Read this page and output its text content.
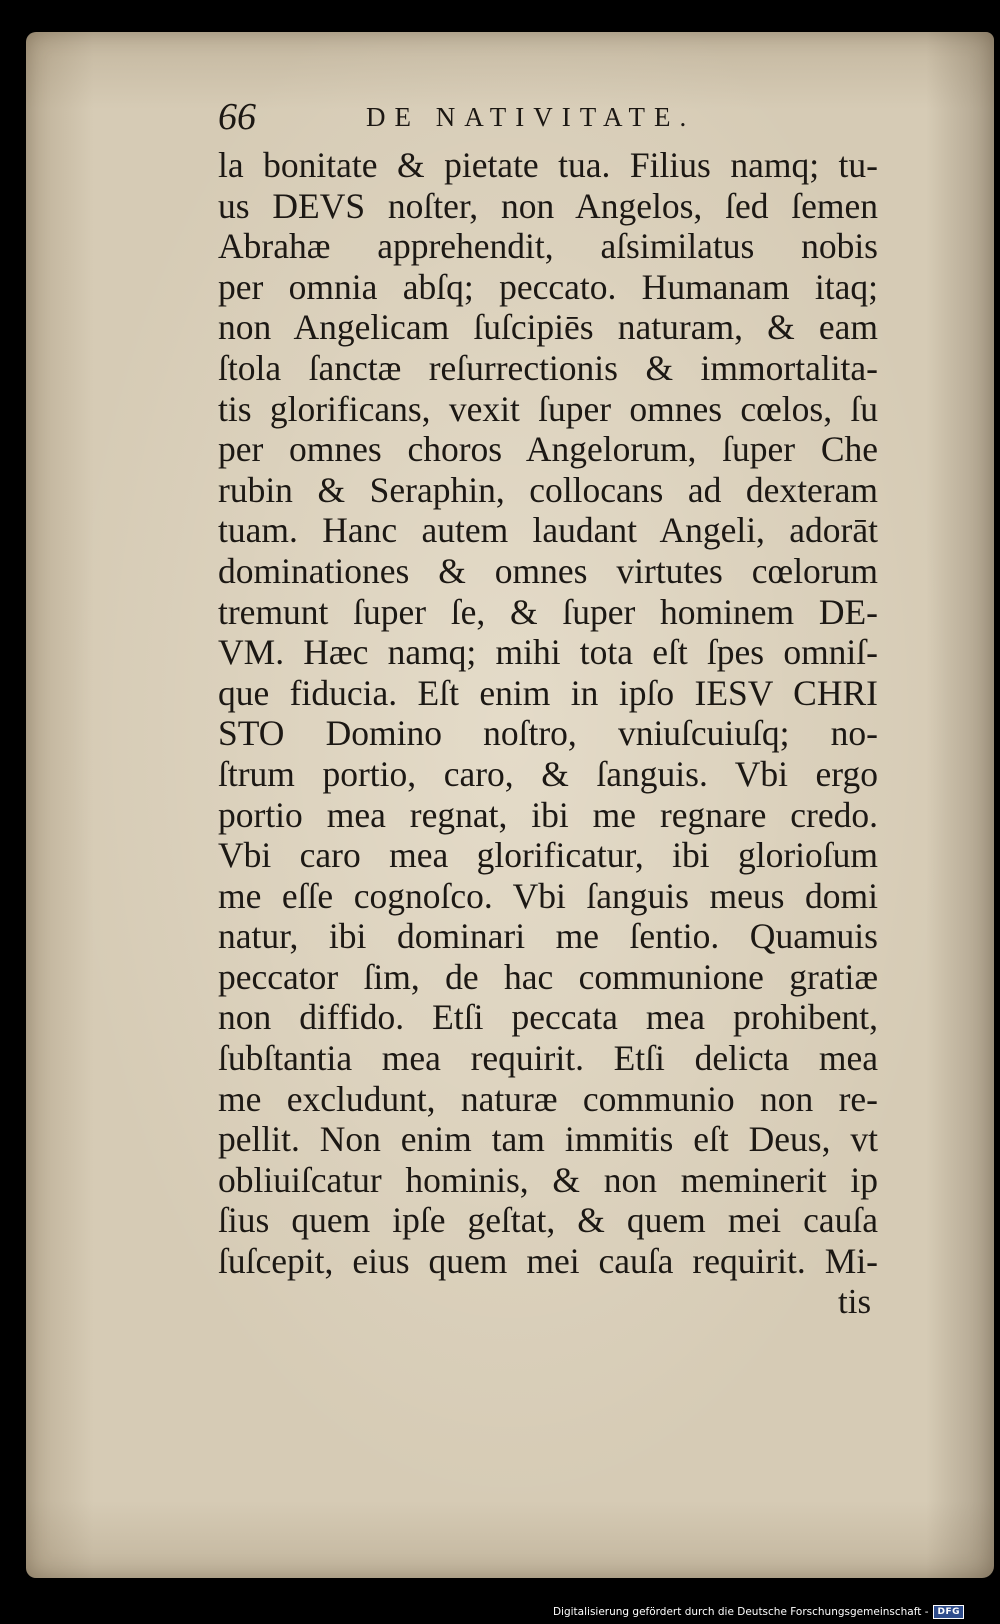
66	DE NATIVITATE.
la bonitate & pietate tua. Filius namq; tu-
us DEVS noſter, non Angelos, ſed ſemen
Abrahæ apprehendit, aſsimilatus nobis
per omnia abſq; peccato. Humanam itaq;
non Angelicam ſuſcipiēs naturam, & eam
ſtola ſanctæ reſurrectionis & immortalita-
tis glorificans, vexit ſuper omnes cœlos, ſu
per omnes choros Angelorum, ſuper Che
rubin & Seraphin, collocans ad dexteram
tuam. Hanc autem laudant Angeli, adorāt
dominationes & omnes virtutes cœlorum
tremunt ſuper ſe, & ſuper hominem DE-
VM. Hæc namq; mihi tota eſt ſpes omniſ-
que fiducia. Eſt enim in ipſo IESV CHRI
STO Domino noſtro, vniuſcuiuſq; no-
ſtrum portio, caro, & ſanguis. Vbi ergo
portio mea regnat, ibi me regnare credo.
Vbi caro mea glorificatur, ibi glorioſum
me eſſe cognoſco. Vbi ſanguis meus domi
natur, ibi dominari me ſentio. Quamuis
peccator ſim, de hac communione gratiæ
non diffido. Etſi peccata mea prohibent,
ſubſtantia mea requirit. Etſi delicta mea
me excludunt, naturæ communio non re-
pellit. Non enim tam immitis eſt Deus, vt
obliuiſcatur hominis, & non meminerit ip
ſius quem ipſe geſtat, & quem mei cauſa
ſuſcepit, eius quem mei cauſa requirit. Mi-
tis
Digitalisierung gefördert durch die Deutsche Forschungsgemeinschaft -	DFG
